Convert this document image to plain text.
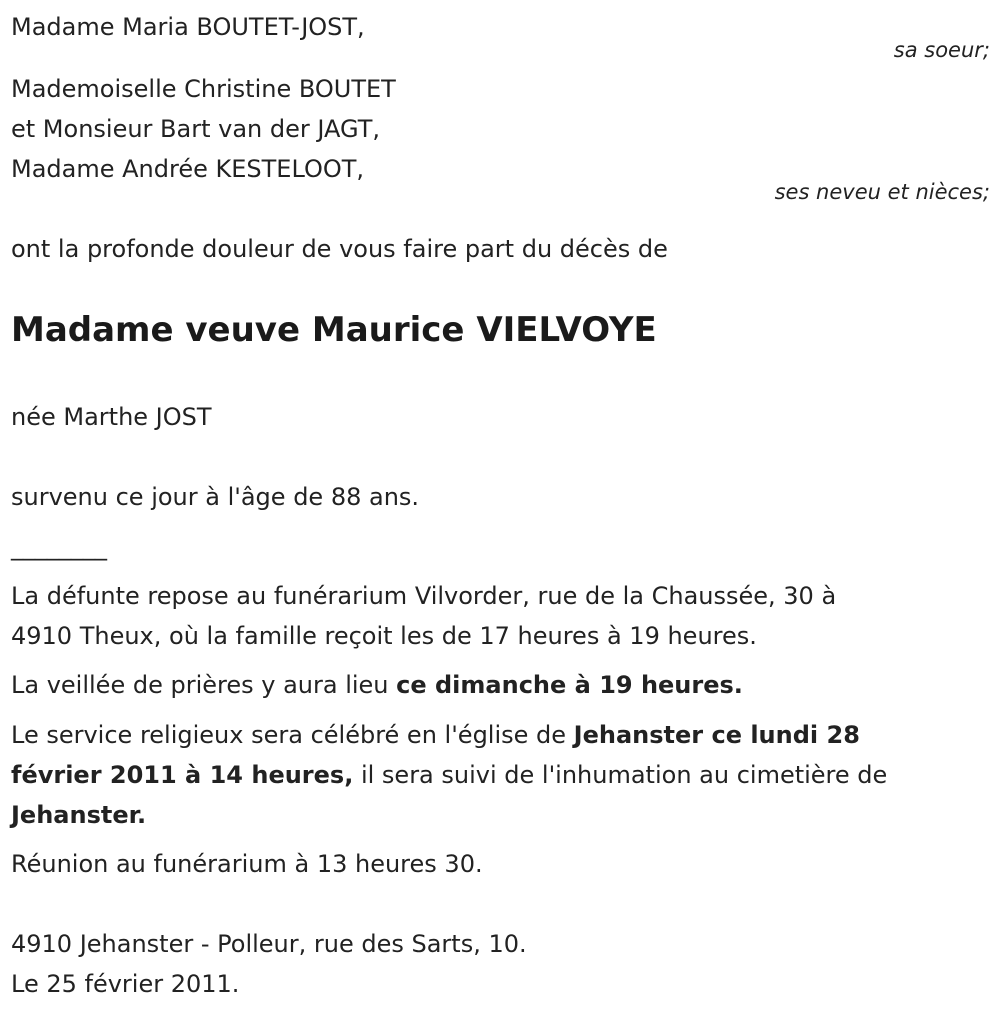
Madame Maria BOUTET-JOST,

sa soeur;

Mademoiselle Christine BOUTET

et Monsieur Bart van der JAGT,

Madame Andrée KESTELOOT,

ses neveu et nièces;

ont la profonde douleur de vous faire part du décès de

Madame veuve Maurice VIELVOYE

née Marthe JOST

survenu ce jour à l'âge de 88 ans.

________

La défunte repose au funérarium Vilvorder, rue de la Chaussée, 30 à

4910 Theux, où la famille reçoit les de 17 heures à 19 heures.

La veillée de prières y aura lieu ce dimanche à 19 heures.

Le service religieux sera célébré en l'église de Jehanster ce lundi 28

février 2011 à 14 heures, il sera suivi de l'inhumation au cimetière de

Jehanster.

Réunion au funérarium à 13 heures 30.

4910 Jehanster - Polleur, rue des Sarts, 10.

Le 25 février 2011.
